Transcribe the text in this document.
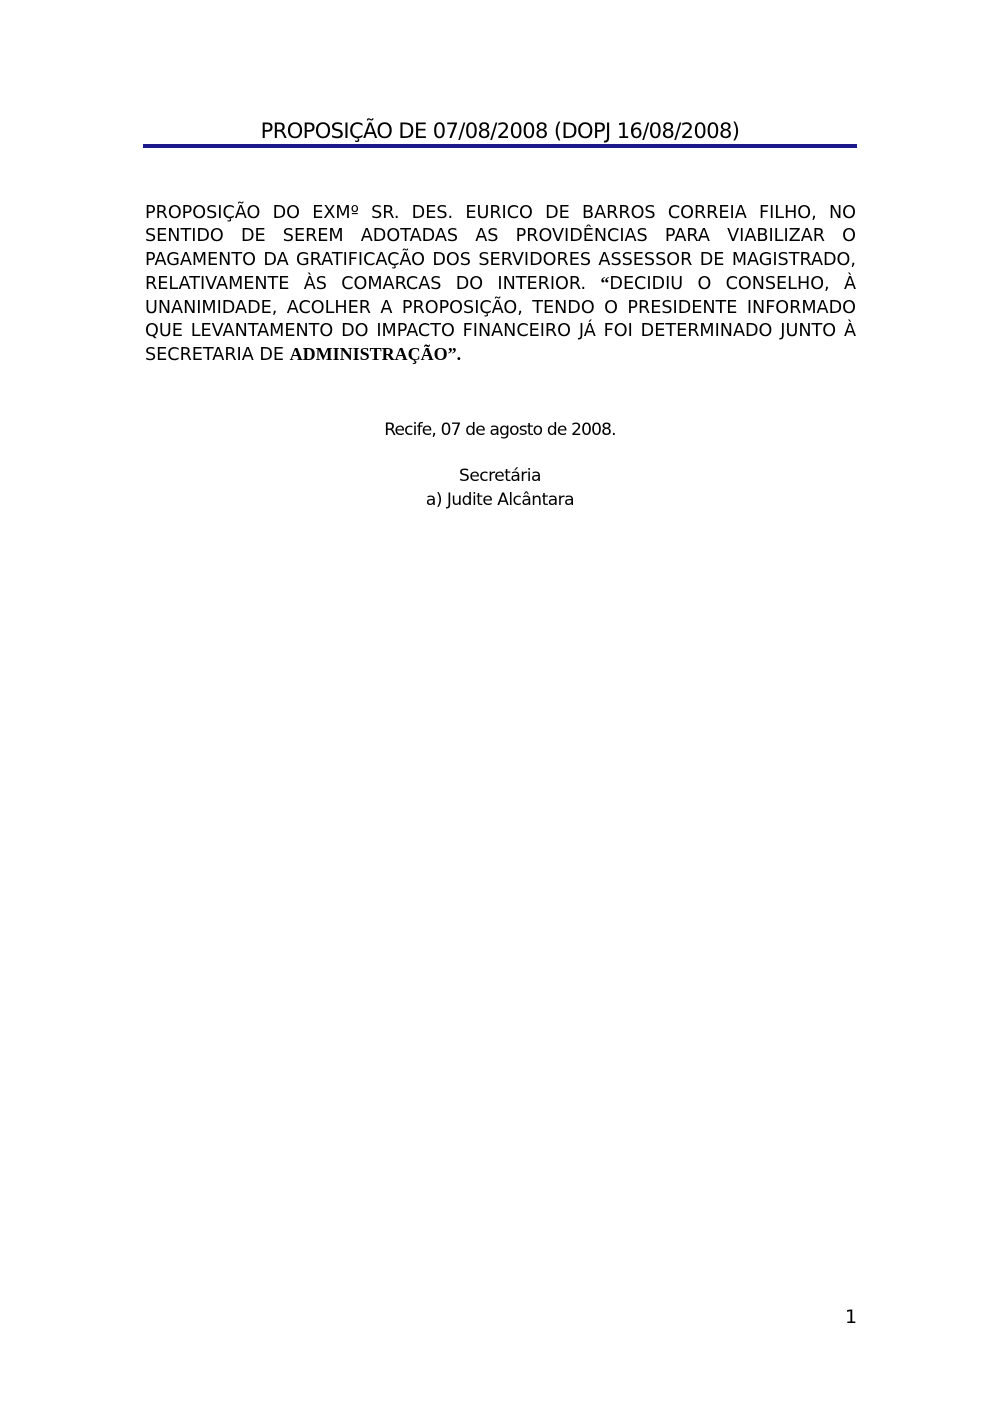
PROPOSIÇÃO DE 07/08/2008 (DOPJ 16/08/2008)
PROPOSIÇÃO DO EXMº SR. DES. EURICO DE BARROS CORREIA FILHO, NO SENTIDO DE SEREM ADOTADAS AS PROVIDÊNCIAS PARA VIABILIZAR O PAGAMENTO DA GRATIFICAÇÃO DOS SERVIDORES ASSESSOR DE MAGISTRADO, RELATIVAMENTE ÀS COMARCAS DO INTERIOR. “DECIDIU O CONSELHO, À UNANIMIDADE, ACOLHER A PROPOSIÇÃO, TENDO O PRESIDENTE INFORMADO QUE LEVANTAMENTO DO IMPACTO FINANCEIRO JÁ FOI DETERMINADO JUNTO À SECRETARIA DE ADMINISTRAÇÃO”.
Recife, 07 de agosto de 2008.
Secretária
a) Judite Alcântara
1
